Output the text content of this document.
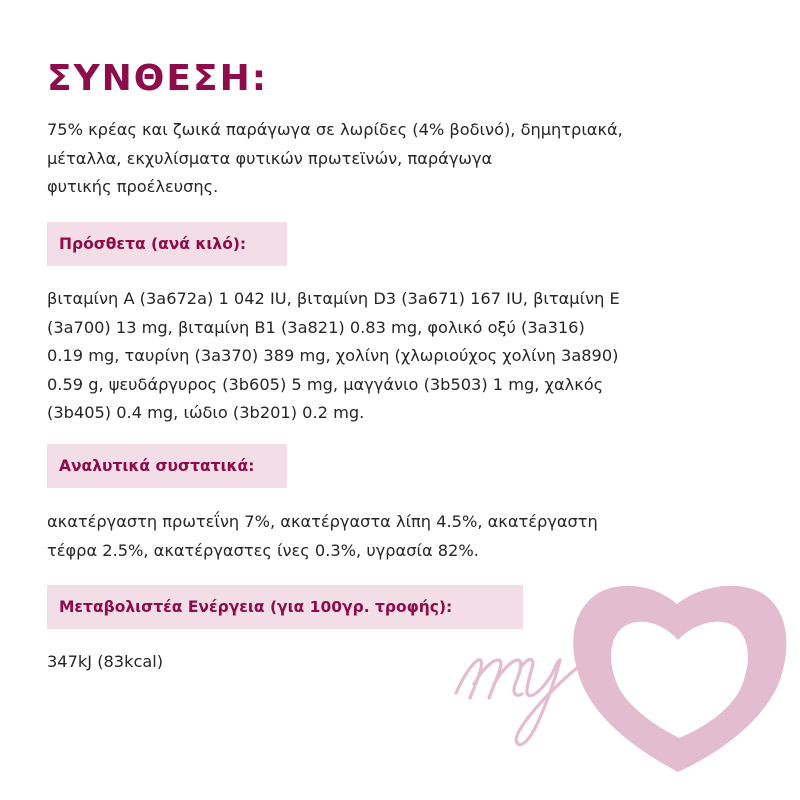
ΣΥΝΘΕΣΗ:

75% κρέας και ζωικά παράγωγα σε λωρίδες (4% βοδινό), δημητριακά,
μέταλλα, εκχυλίσματα φυτικών πρωτεϊνών, παράγωγα
φυτικής προέλευσης.

Πρόσθετα (ανά κιλό):

βιταμίνη A (3a672a) 1 042 IU, βιταμίνη D3 (3a671) 167 IU, βιταμίνη E
(3a700) 13 mg, βιταμίνη B1 (3a821) 0.83 mg, φολικό οξύ (3a316)
0.19 mg, ταυρίνη (3a370) 389 mg, χολίνη (χλωριούχος χολίνη 3a890)
0.59 g, ψευδάργυρος (3b605) 5 mg, μαγγάνιο (3b503) 1 mg, χαλκός
(3b405) 0.4 mg, ιώδιο (3b201) 0.2 mg.

Αναλυτικά συστατικά:

ακατέργαστη πρωτεΐνη 7%, ακατέργαστα λίπη 4.5%, ακατέργαστη
τέφρα 2.5%, ακατέργαστες ίνες 0.3%, υγρασία 82%.

Μεταβολιστέα Ενέργεια (για 100γρ. τροφής):

347kJ (83kcal)
